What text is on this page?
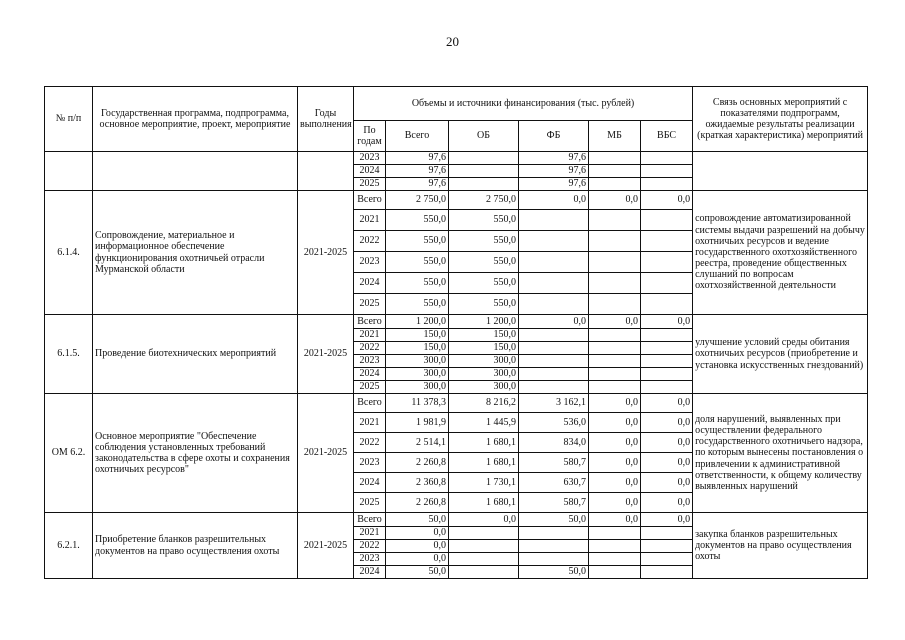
20
№ п/п	Государственная программа, подпрограмма, основное мероприятие, проект, мероприятие	Годы выполнения	Объемы и источники финансирования (тыс. рублей)						Связь основных мероприятий с показателями подпрограмм, ожидаемые результаты реализации (краткая характеристика) мероприятий
			По годам	Всего	ОБ	ФБ	МБ	ВБС	
			2023	97,6		97,6			
			2024	97,6		97,6			
			2025	97,6		97,6			
6.1.4.	Сопровождение, материальное и информационное обеспечение функционирования охотничьей отрасли Мурманской области	2021-2025	Всего	2 750,0	2 750,0	0,0	0,0	0,0	сопровождение автоматизированной системы выдачи разрешений на добычу охотничьих ресурсов и ведение государственного охотхозяйственного реестра, проведение общественных слушаний по вопросам охотхозяйственной деятельности
			2021	550,0	550,0				
			2022	550,0	550,0				
			2023	550,0	550,0				
			2024	550,0	550,0				
			2025	550,0	550,0				
6.1.5.	Проведение биотехнических мероприятий	2021-2025	Всего	1 200,0	1 200,0	0,0	0,0	0,0	улучшение условий среды обитания охотничьих ресурсов (приобретение и установка искусственных гнездований)
			2021	150,0	150,0				
			2022	150,0	150,0				
			2023	300,0	300,0				
			2024	300,0	300,0				
			2025	300,0	300,0				
ОМ 6.2.	Основное мероприятие "Обеспечение соблюдения установленных требований законодательства в сфере охоты и сохранения охотничьих ресурсов"	2021-2025	Всего	11 378,3	8 216,2	3 162,1	0,0	0,0	доля нарушений, выявленных при осуществлении федерального государственного охотничьего надзора, по которым вынесены постановления о привлечении к административной ответственности, к общему количеству выявленных нарушений
			2021	1 981,9	1 445,9	536,0	0,0	0,0	
			2022	2 514,1	1 680,1	834,0	0,0	0,0	
			2023	2 260,8	1 680,1	580,7	0,0	0,0	
			2024	2 360,8	1 730,1	630,7	0,0	0,0	
			2025	2 260,8	1 680,1	580,7	0,0	0,0	
6.2.1.	Приобретение бланков разрешительных документов на право осуществления охоты	2021-2025	Всего	50,0	0,0	50,0	0,0	0,0	закупка бланков разрешительных документов на право осуществления охоты
			2021	0,0					
			2022	0,0					
			2023	0,0					
			2024	50,0		50,0			
